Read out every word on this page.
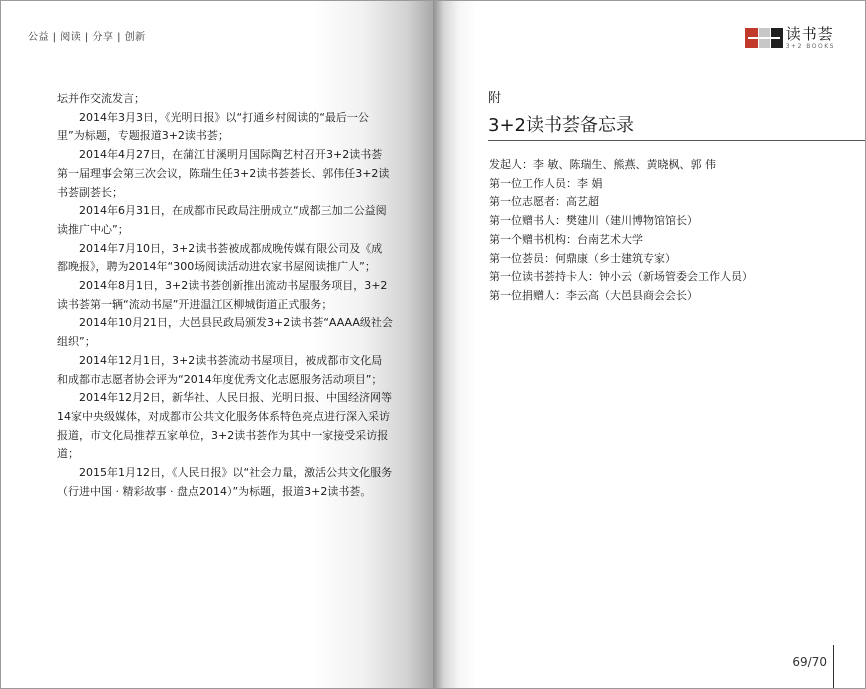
公益 | 阅读 | 分享 | 创新

坛并作交流发言；

2014年3月3日，《光明日报》以“打通乡村阅读的“最后一公里”为标题，专题报道3+2读书荟；

2014年4月27日，在蒲江甘溪明月国际陶艺村召开3+2读书荟第一届理事会第三次会议，陈瑞生任3+2读书荟荟长、郭伟任3+2读书荟副荟长；

2014年6月31日，在成都市民政局注册成立“成都三加二公益阅读推广中心”；

2014年7月10日，3+2读书荟被成都成晚传媒有限公司及《成都晚报》，聘为2014年“300场阅读活动进农家书屋阅读推广人”；

2014年8月1日，3+2读书荟创新推出流动书屋服务项目，3+2读书荟第一辆“流动书屋”开进温江区柳城街道正式服务；

2014年10月21日，大邑县民政局颁发3+2读书荟“AAAA级社会组织”；

2014年12月1日，3+2读书荟流动书屋项目，被成都市文化局和成都市志愿者协会评为“2014年度优秀文化志愿服务活动项目”；

2014年12月2日，新华社、人民日报、光明日报、中国经济网等14家中央级媒体，对成都市公共文化服务体系特色亮点进行深入采访报道，市文化局推荐五家单位，3+2读书荟作为其中一家接受采访报道；

2015年1月12日，《人民日报》以“社会力量，激活公共文化服务（行进中国 · 精彩故事 · 盘点2014）”为标题，报道3+2读书荟。

读书荟
3+2 BOOKS
附
3+2读书荟备忘录
发起人：李 敏、陈瑞生、熊燕、黄晓枫、郭 伟
第一位工作人员：李 娟
第一位志愿者：高艺超
第一位赠书人：樊建川（建川博物馆馆长）
第一个赠书机构：台南艺术大学
第一位荟员：何鼎康（乡士建筑专家）
第一位读书荟持卡人：钟小云（新场管委会工作人员）
第一位捐赠人：李云高（大邑县商会会长）
69/70
